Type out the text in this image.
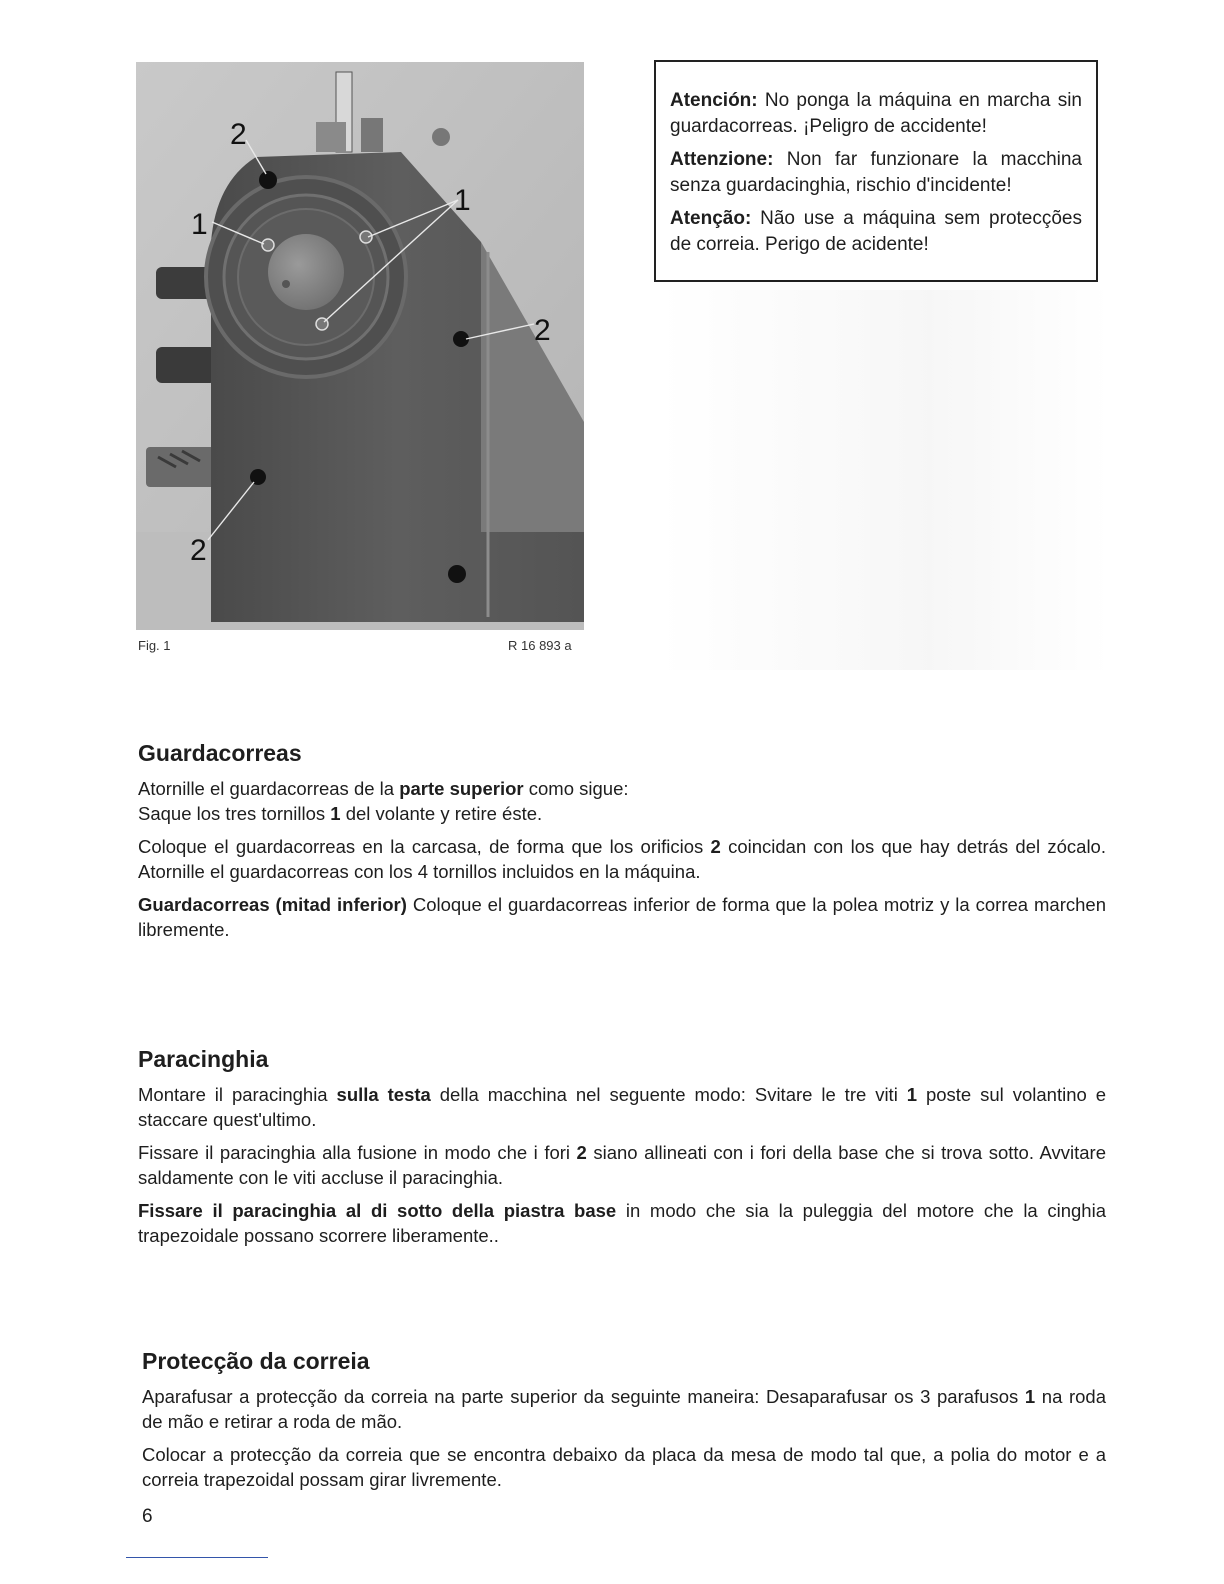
2
1
1
2
2
Fig. 1	R 16 893 a

Atención: No ponga la máquina en marcha sin guardacorreas. ¡Peligro de accidente!

Attenzione: Non far funzionare la macchina senza guardacinghia, rischio d'incidente!

Atenção: Não use a máquina sem protecções de correia. Perigo de acidente!

Guardacorreas

Atornille el guardacorreas de la parte superior como sigue:
Saque los tres tornillos 1 del volante y retire éste.

Coloque el guardacorreas en la carcasa, de forma que los orificios 2 coincidan con los que hay detrás del zócalo. Atornille el guardacorreas con los 4 tornillos incluidos en la máquina.

Guardacorreas (mitad inferior) Coloque el guardacorreas inferior de forma que la polea motriz y la correa marchen libremente.

Paracinghia

Montare il paracinghia sulla testa della macchina nel seguente modo: Svitare le tre viti 1 poste sul volantino e staccare quest'ultimo.

Fissare il paracinghia alla fusione in modo che i fori 2 siano allineati con i fori della base che si trova sotto. Avvitare saldamente con le viti accluse il paracinghia.

Fissare il paracinghia al di sotto della piastra base in modo che sia la puleggia del motore che la cinghia trapezoidale possano scorrere liberamente..

Protecção da correia

Aparafusar a protecção da correia na parte superior da seguinte maneira: Desaparafusar os 3 parafusos 1 na roda de mão e retirar a roda de mão.

Colocar a protecção da correia que se encontra debaixo da placa da mesa de modo tal que, a polia do motor e a correia trapezoidal possam girar livremente.

6
